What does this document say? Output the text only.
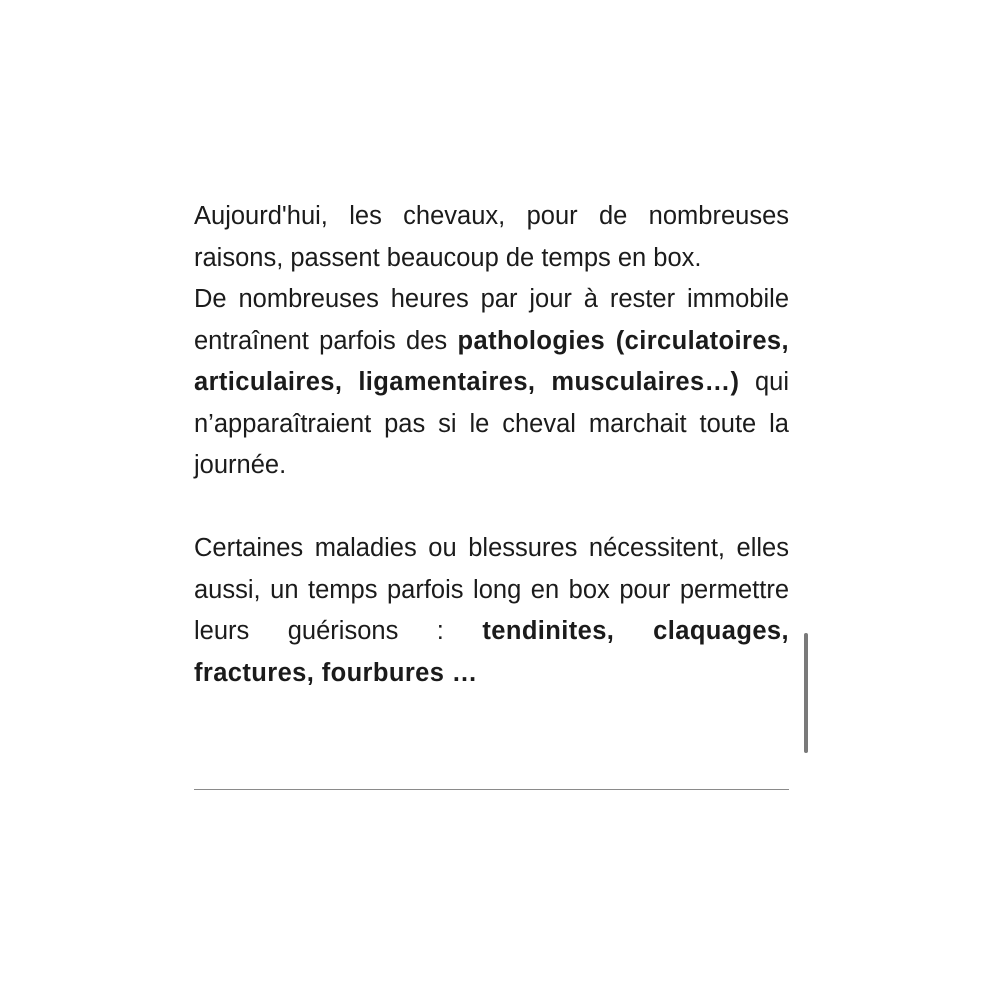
Aujourd'hui, les chevaux, pour de nombreuses raisons, passent beaucoup de temps en box.

De nombreuses heures par jour à rester immobile entraînent parfois des pathologies (circulatoires, articulaires, ligamentaires, musculaires…) qui n’apparaîtraient pas si le cheval marchait toute la journée.

Certaines maladies ou blessures nécessitent, elles aussi, un temps parfois long en box pour permettre leurs guérisons : tendinites, claquages, fractures, fourbures …
